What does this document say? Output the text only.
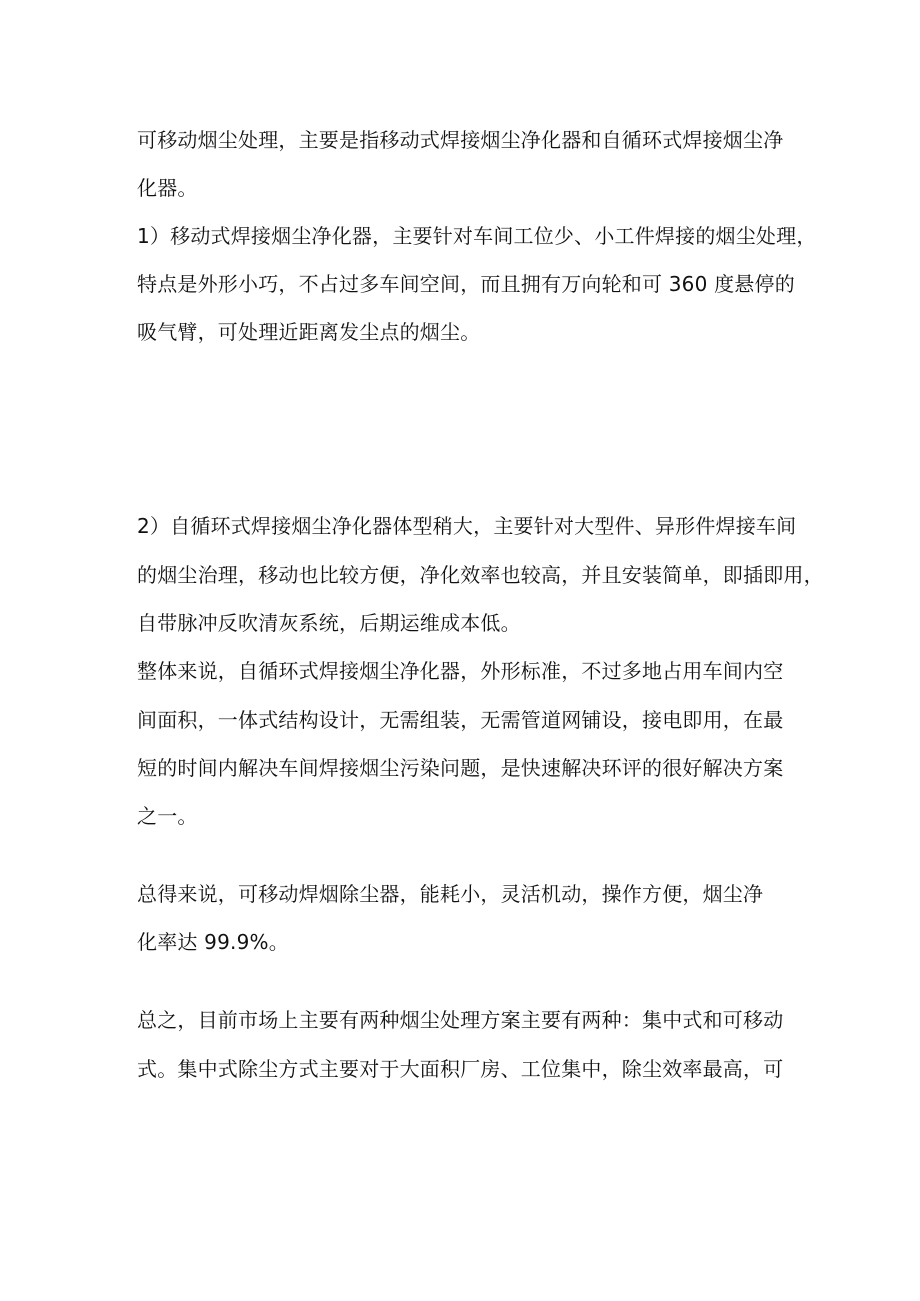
可移动烟尘处理，主要是指移动式焊接烟尘净化器和自循环式焊接烟尘净

化器。

1）移动式焊接烟尘净化器，主要针对车间工位少、小工件焊接的烟尘处理，

特点是外形小巧，不占过多车间空间，而且拥有万向轮和可 360 度悬停的

吸气臂，可处理近距离发尘点的烟尘。

2）自循环式焊接烟尘净化器体型稍大，主要针对大型件、异形件焊接车间

的烟尘治理，移动也比较方便，净化效率也较高，并且安装简单，即插即用，

自带脉冲反吹清灰系统，后期运维成本低。

整体来说，自循环式焊接烟尘净化器，外形标准，不过多地占用车间内空

间面积，一体式结构设计，无需组装，无需管道网铺设，接电即用，在最

短的时间内解决车间焊接烟尘污染问题，是快速解决环评的很好解决方案

之一。

总得来说，可移动焊烟除尘器，能耗小，灵活机动，操作方便，烟尘净

化率达 99.9%。

总之，目前市场上主要有两种烟尘处理方案主要有两种：集中式和可移动

式。集中式除尘方式主要对于大面积厂房、工位集中，除尘效率最高，可
